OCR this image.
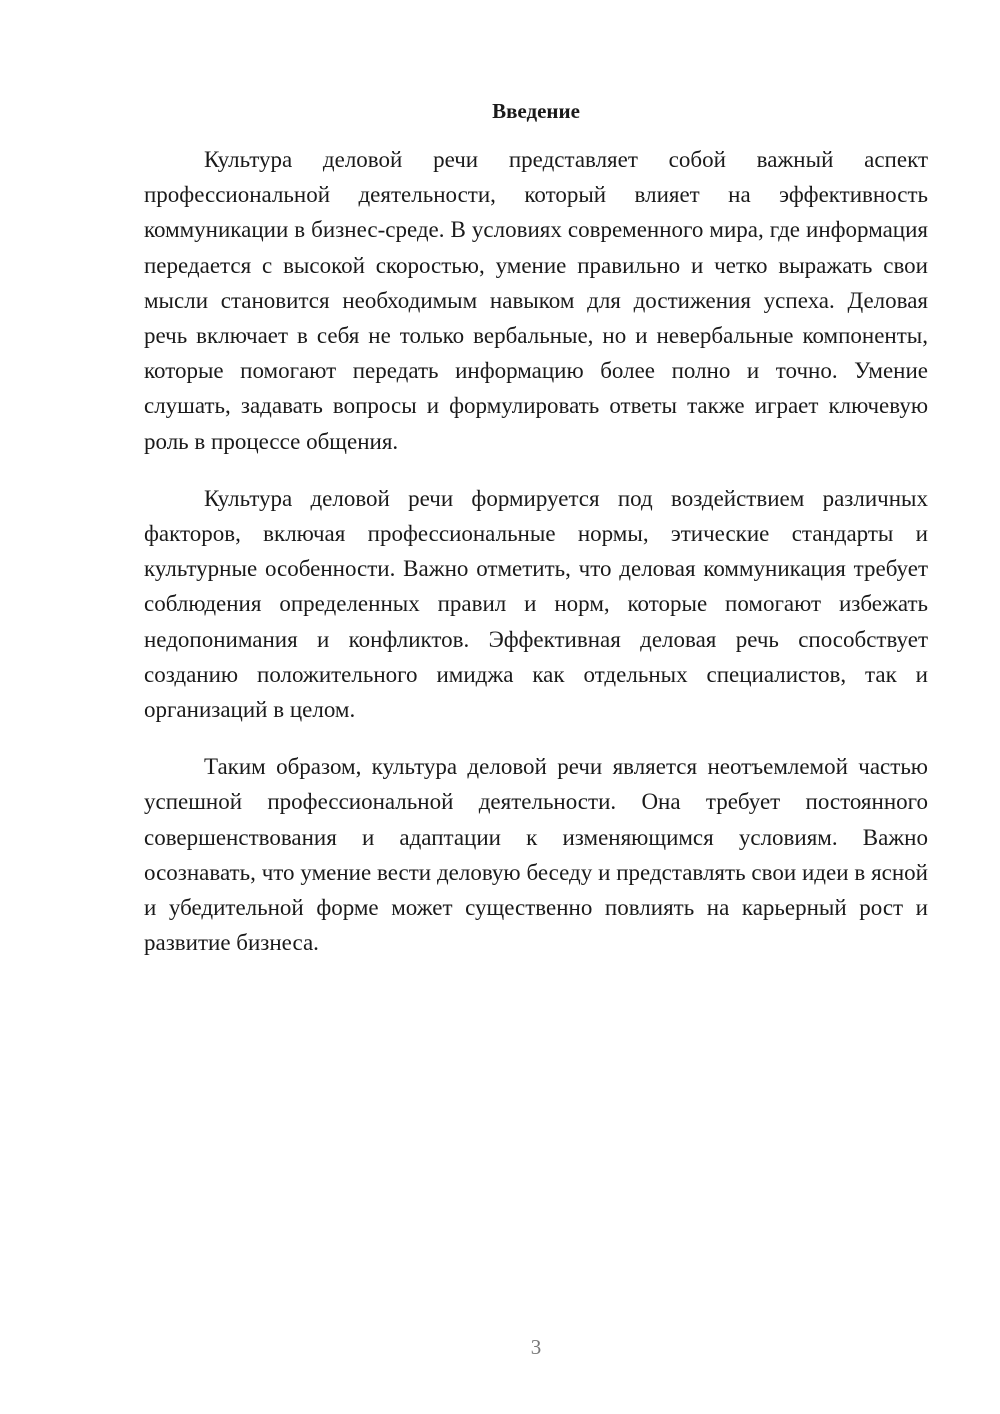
Введение

Культура деловой речи представляет собой важный аспект профессиональной деятельности, который влияет на эффективность коммуникации в бизнес-среде. В условиях современного мира, где информация передается с высокой скоростью, умение правильно и четко выражать свои мысли становится необходимым навыком для достижения успеха. Деловая речь включает в себя не только вербальные, но и невербальные компоненты, которые помогают передать информацию более полно и точно. Умение слушать, задавать вопросы и формулировать ответы также играет ключевую роль в процессе общения.

Культура деловой речи формируется под воздействием различных факторов, включая профессиональные нормы, этические стандарты и культурные особенности. Важно отметить, что деловая коммуникация требует соблюдения определенных правил и норм, которые помогают избежать недопонимания и конфликтов. Эффективная деловая речь способствует созданию положительного имиджа как отдельных специалистов, так и организаций в целом.

Таким образом, культура деловой речи является неотъемлемой частью успешной профессиональной деятельности. Она требует постоянного совершенствования и адаптации к изменяющимся условиям. Важно осознавать, что умение вести деловую беседу и представлять свои идеи в ясной и убедительной форме может существенно повлиять на карьерный рост и развитие бизнеса.

3
